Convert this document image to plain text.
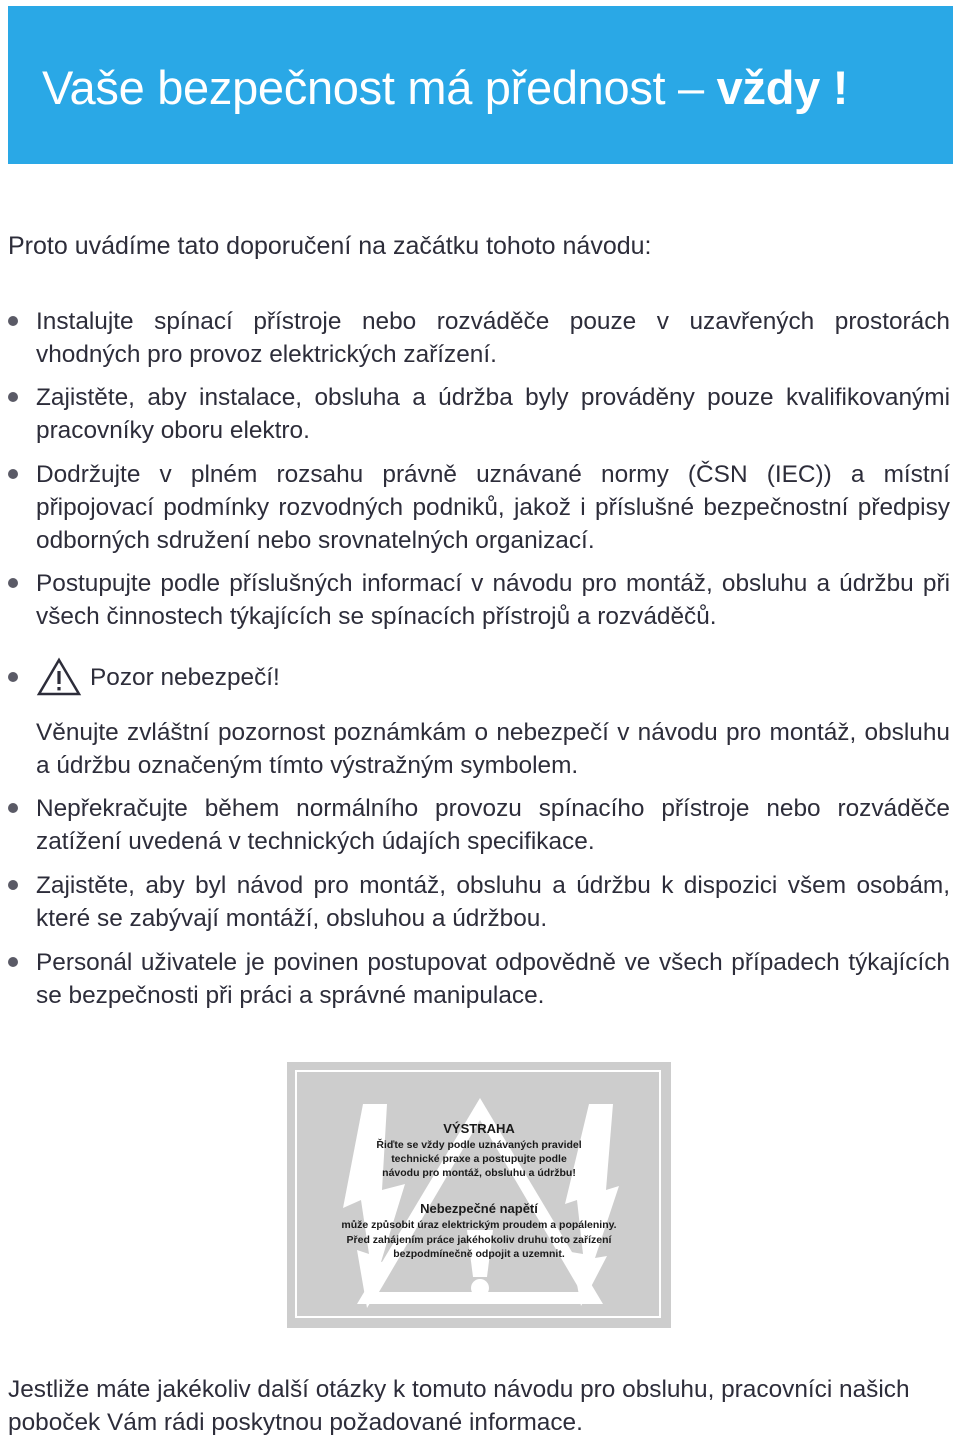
Vaše bezpečnost má přednost – vždy !

Proto uvádíme tato doporučení na začátku tohoto návodu:

Instalujte spínací přístroje nebo rozváděče pouze v uzavřených prostorách vhodných pro provoz elektrických zařízení.

Zajistěte, aby instalace, obsluha a údržba byly prováděny pouze kvalifikovanými pracovníky oboru elektro.

Dodržujte v plném rozsahu právně uznávané normy (ČSN (IEC)) a místní připojovací podmínky rozvodných podniků, jakož i příslušné bezpečnostní předpisy odborných sdružení nebo srovnatelných organizací.

Postupujte podle příslušných informací v návodu pro montáž, obsluhu a údržbu při všech činnostech týkajících se spínacích přístrojů a rozváděčů.

Pozor nebezpečí!

Věnujte zvláštní pozornost poznámkám o nebezpečí v návodu pro montáž, obsluhu a údržbu označeným tímto výstražným symbolem.

Nepřekračujte během normálního provozu spínacího přístroje nebo rozváděče zatížení uvedená v technických údajích specifikace.

Zajistěte, aby byl návod pro montáž, obsluhu a údržbu k dispozici všem osobám, které se zabývají montáží, obsluhou a údržbou.

Personál uživatele je povinen postupovat odpovědně ve všech případech týkajících se bezpečnosti při práci a správné manipulace.

VÝSTRAHA

Řiďte se vždy podle uznávaných pravidel

technické praxe a postupujte podle

návodu pro montáž, obsluhu a údržbu!

Nebezpečné napětí

může způsobit úraz elektrickým proudem a popáleniny.

Před zahájením práce jakéhokoliv druhu toto zařízení

bezpodmínečně odpojit a uzemnit.

Jestliže máte jakékoliv další otázky k tomuto návodu pro obsluhu, pracovníci našich poboček Vám rádi poskytnou požadované informace.
